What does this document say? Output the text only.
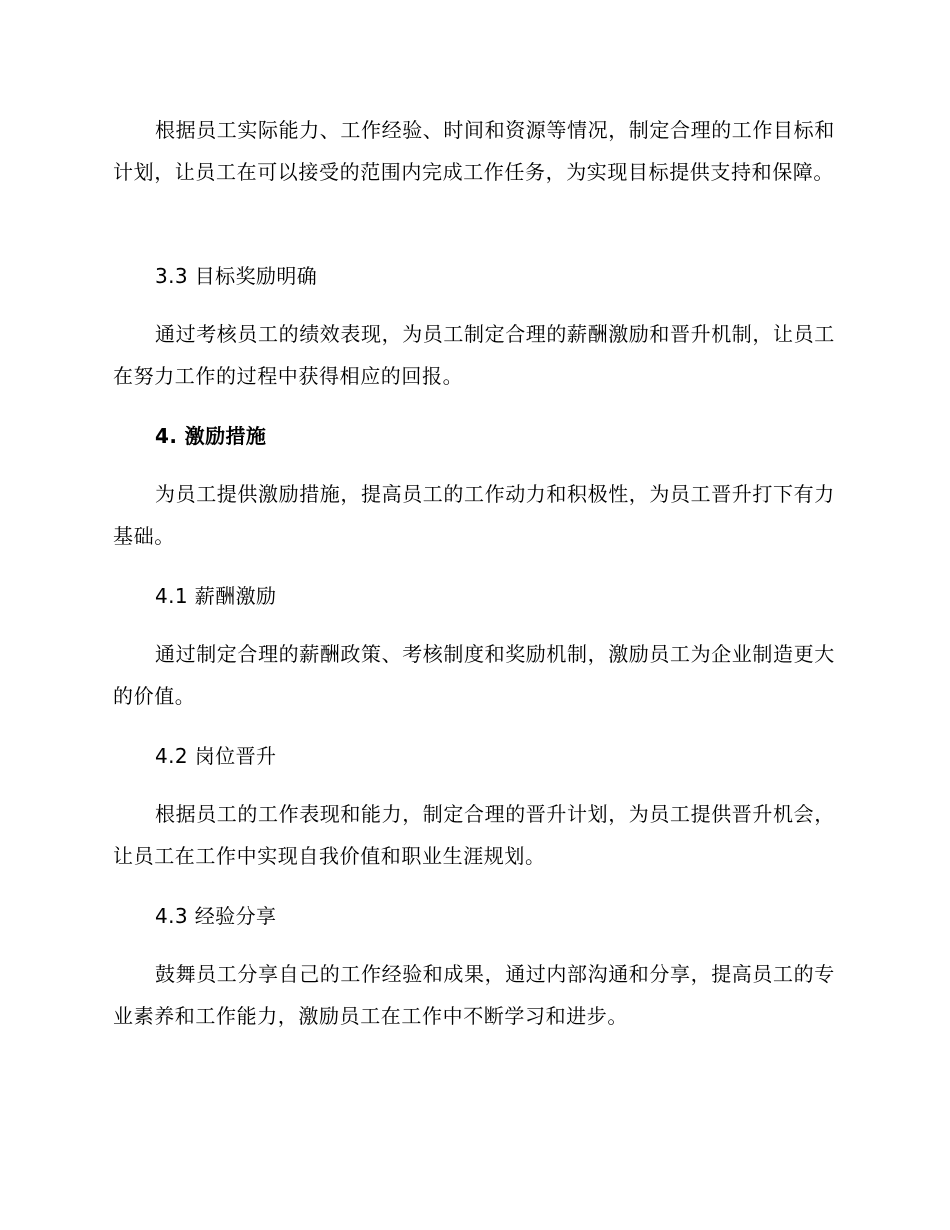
根据员工实际能力、工作经验、时间和资源等情况，制定合理的工作目标和计划，让员工在可以接受的范围内完成工作任务，为实现目标提供支持和保障。

3.3 目标奖励明确

通过考核员工的绩效表现，为员工制定合理的薪酬激励和晋升机制，让员工在努力工作的过程中获得相应的回报。

4. 激励措施

为员工提供激励措施，提高员工的工作动力和积极性，为员工晋升打下有力基础。

4.1 薪酬激励

通过制定合理的薪酬政策、考核制度和奖励机制，激励员工为企业制造更大的价值。

4.2 岗位晋升

根据员工的工作表现和能力，制定合理的晋升计划，为员工提供晋升机会，让员工在工作中实现自我价值和职业生涯规划。

4.3 经验分享

鼓舞员工分享自己的工作经验和成果，通过内部沟通和分享，提高员工的专业素养和工作能力，激励员工在工作中不断学习和进步。
